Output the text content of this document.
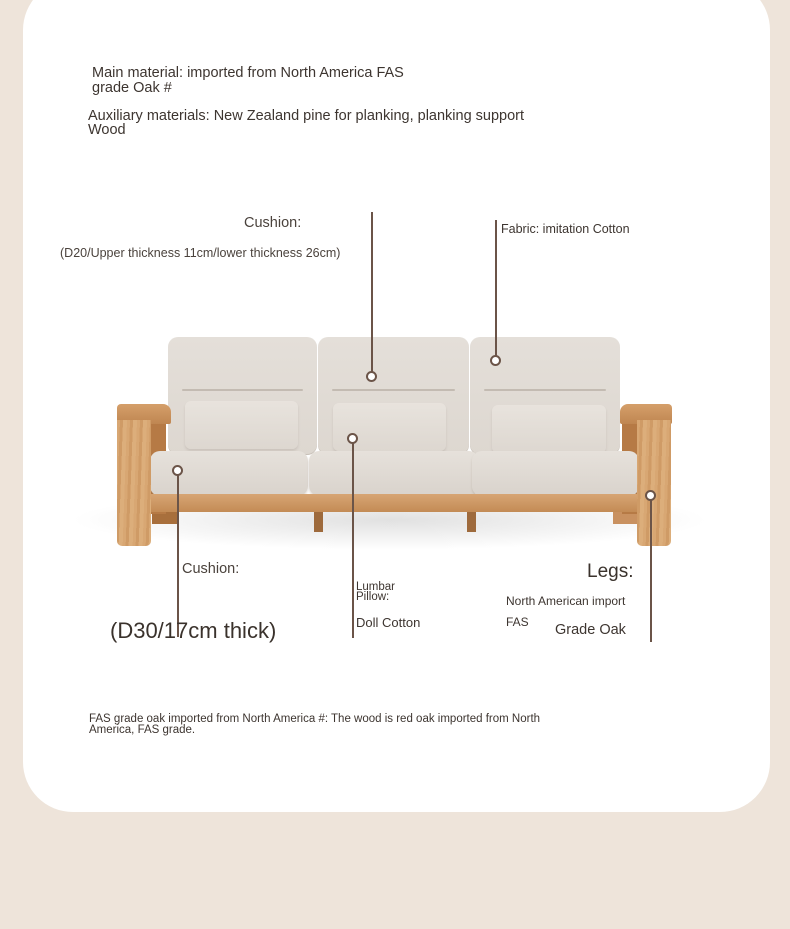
Main material: imported from North America FAS
grade Oak #
Auxiliary materials: New Zealand pine for planking, planking support
Wood
Cushion:
(D20/Upper thickness 11cm/lower thickness 26cm)
Fabric: imitation Cotton
Cushion:
(D30/17cm thick)
Lumbar
Pillow:
Doll Cotton
Legs:
North American import
FAS Grade Oak
FAS grade oak imported from North America #: The wood is red oak imported from North
America, FAS grade.
